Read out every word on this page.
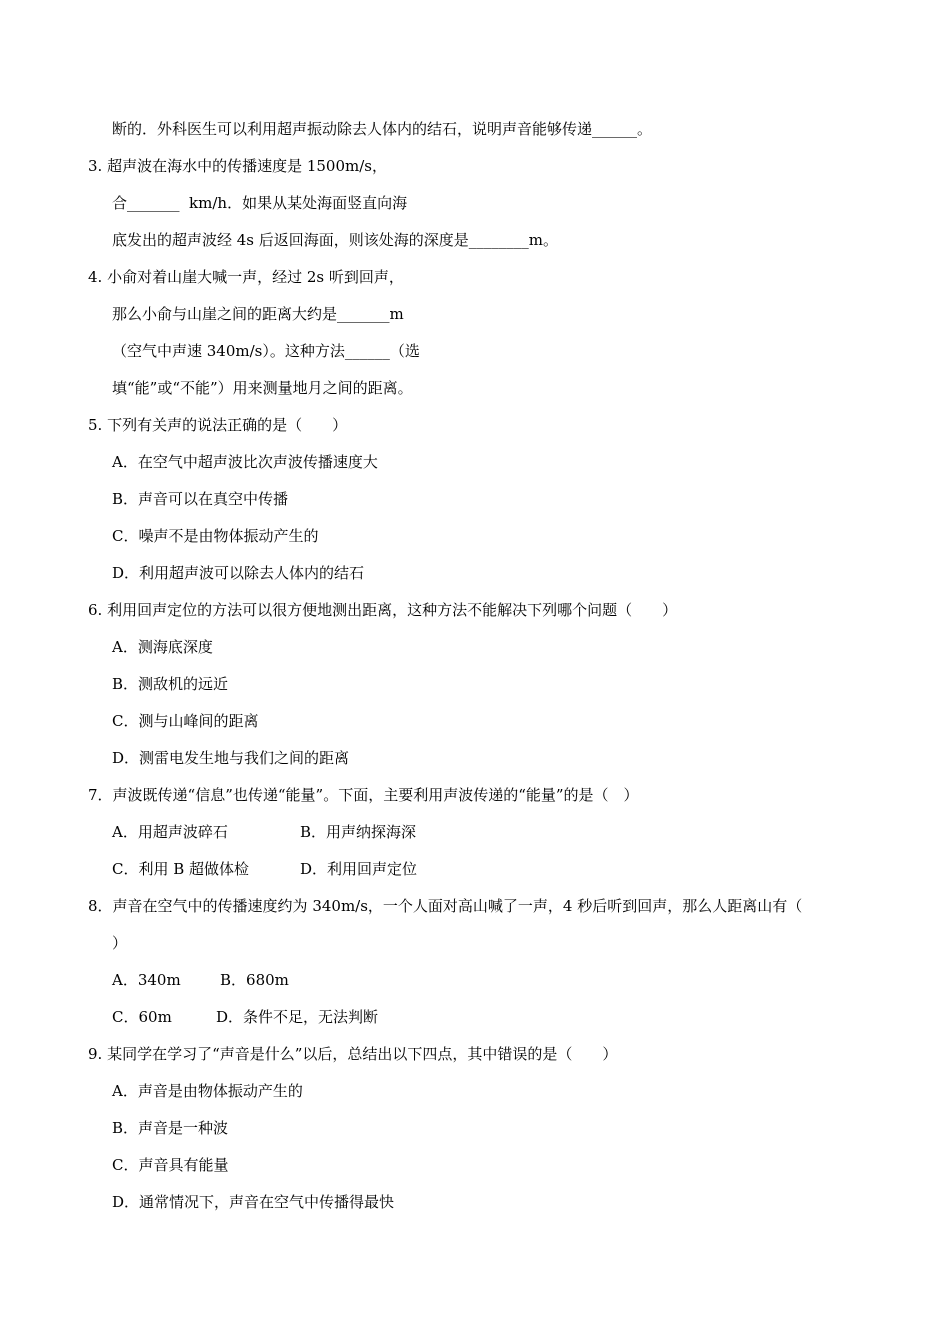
断的．外科医生可以利用超声振动除去人体内的结石，说明声音能够传递______。
3. 超声波在海水中的传播速度是 1500m/s，
合_______  km/h．如果从某处海面竖直向海
底发出的超声波经 4s 后返回海面，则该处海的深度是________m。
4. 小俞对着山崖大喊一声，经过 2s 听到回声，
那么小俞与山崖之间的距离大约是_______m
（空气中声速 340m/s）。这种方法______（选
填“能”或“不能”）用来测量地月之间的距离。
5. 下列有关声的说法正确的是（　　）
A．在空气中超声波比次声波传播速度大
B．声音可以在真空中传播
C．噪声不是由物体振动产生的
D．利用超声波可以除去人体内的结石
6. 利用回声定位的方法可以很方便地测出距离，这种方法不能解决下列哪个问题（　　）
A．测海底深度
B．测敌机的远近
C．测与山峰间的距离
D．测雷电发生地与我们之间的距离
7．声波既传递“信息”也传递“能量”。下面，主要利用声波传递的“能量”的是（　）

A．用超声波碎石

	B．用声纳探海深

C．利用 B 超做体检

	D．利用回声定位

8．声音在空气中的传播速度约为 340m/s，一个人面对高山喊了一声，4 秒后听到回声，那么人距离山有（
）

A．340m

	B．680m

C．60m

	D．条件不足，无法判断

9. 某同学在学习了“声音是什么”以后，总结出以下四点，其中错误的是（　　）
A．声音是由物体振动产生的
B．声音是一种波
C．声音具有能量
D．通常情况下，声音在空气中传播得最快
